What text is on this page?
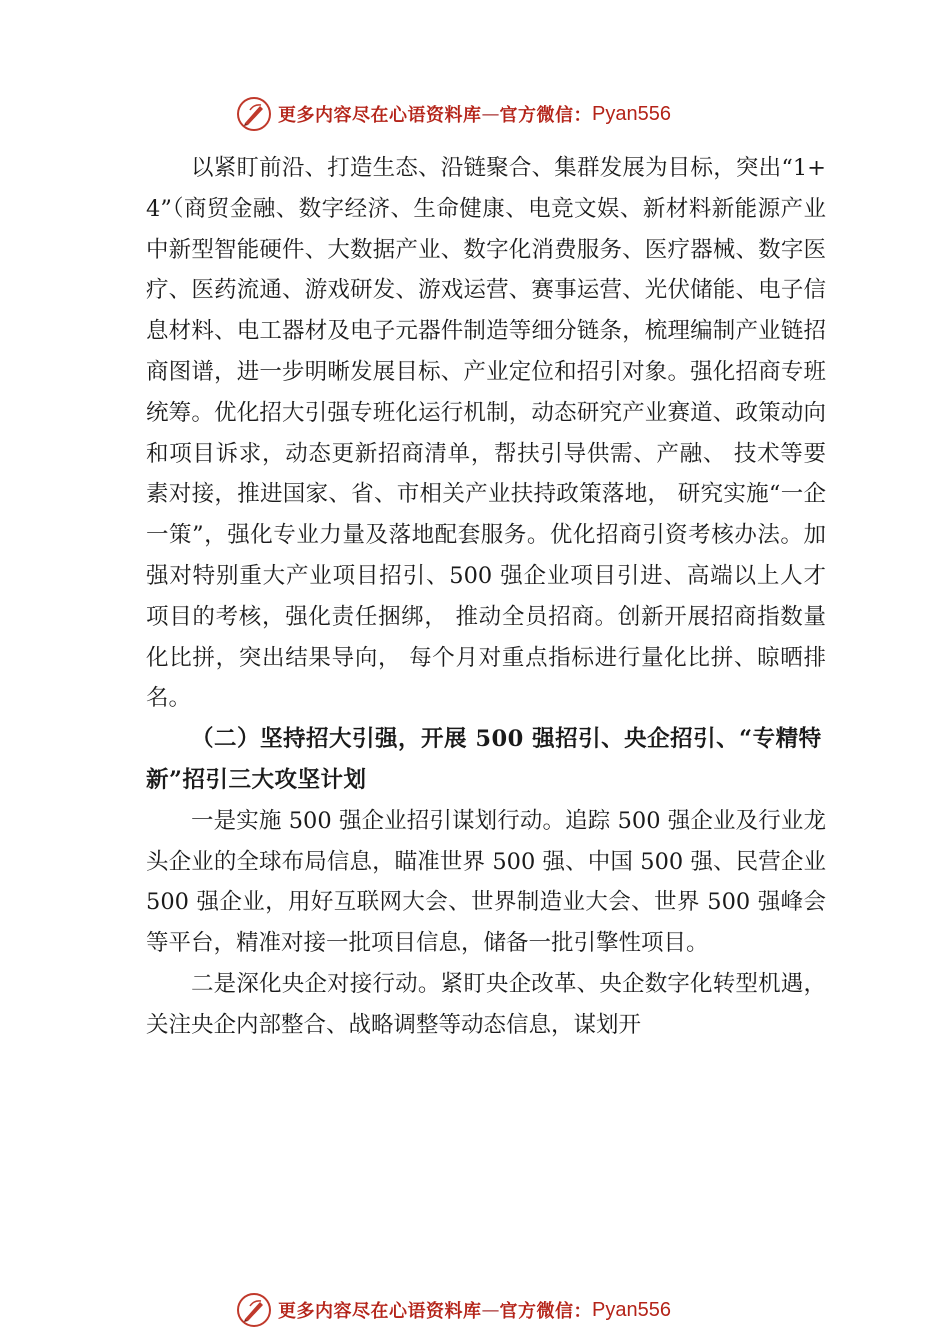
更多内容尽在心语资料库 — 官方微信： Pyan556

以紧盯前沿、打造生态、沿链聚合、集群发展为目标，突出“1+4”（商贸金融、数字经济、生命健康、电竞文娱、新材料新能源产业中新型智能硬件、大数据产业、数字化消费服务、医疗器械、数字医疗、医药流通、游戏研发、游戏运营、赛事运营、光伏储能、电子信息材料、电工器材及电子元器件制造等细分链条，梳理编制产业链招商图谱，进一步明晰发展目标、产业定位和招引对象。强化招商专班统筹。优化招大引强专班化运行机制，动态研究产业赛道、政策动向和项目诉求，动态更新招商清单，帮扶引导供需、产融、 技术等要素对接，推进国家、省、市相关产业扶持政策落地， 研究实施“一企一策”，强化专业力量及落地配套服务。优化招商引资考核办法。加强对特别重大产业项目招引、500 强企业项目引进、高端以上人才项目的考核，强化责任捆绑， 推动全员招商。创新开展招商指数量化比拼，突出结果导向， 每个月对重点指标进行量化比拼、晾晒排名。

（二）坚持招大引强，开展 500 强招引、央企招引、“专精特新”招引三大攻坚计划

一是实施 500 强企业招引谋划行动。追踪 500 强企业及行业龙头企业的全球布局信息，瞄准世界 500 强、中国 500 强、民营企业 500 强企业，用好互联网大会、世界制造业大会、世界 500 强峰会等平台，精准对接一批项目信息，储备一批引擎性项目。

二是深化央企对接行动。紧盯央企改革、央企数字化转型机遇，关注央企内部整合、战略调整等动态信息，谋划开

更多内容尽在心语资料库 — 官方微信： Pyan556
